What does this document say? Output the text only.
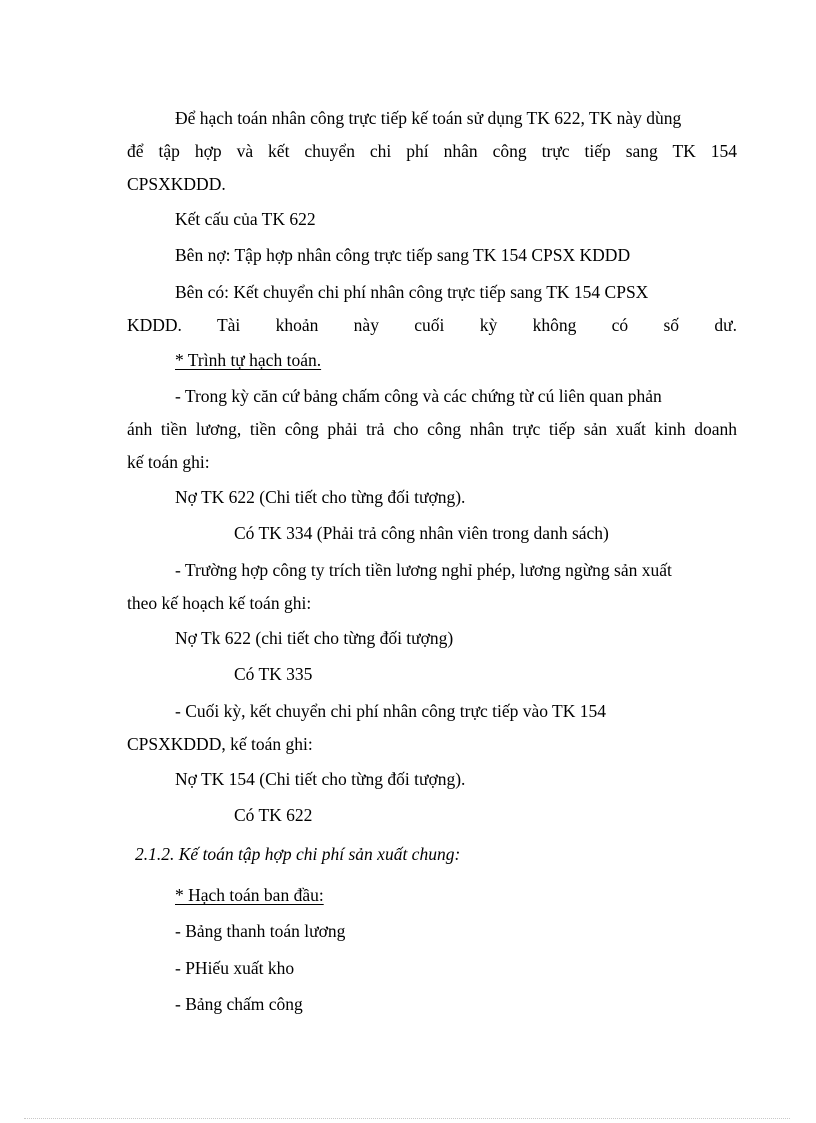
Để hạch toán nhân công trực tiếp kế toán sử dụng TK 622, TK này dùng
để tập hợp và kết chuyển chi phí nhân công trực tiếp sang TK 154
CPSXKDDD.
Kết cấu của TK 622
Bên nợ: Tập hợp nhân công trực tiếp sang TK 154 CPSX KDDD
Bên có: Kết chuyển chi phí nhân công trực tiếp sang TK 154 CPSX
KDDD. Tài khoản này cuối kỳ không có số dư.
* Trình tự hạch toán.
- Trong kỳ căn cứ bảng chấm công và các chứng từ cú liên quan phản
ánh tiền lương, tiền công phải trả cho công nhân trực tiếp sản xuất kinh doanh
kế toán ghi:
Nợ TK 622 (Chi tiết cho từng đối tượng).
Có TK 334 (Phải trả công nhân viên trong danh sách)
- Trường hợp công ty trích tiền lương nghỉ phép, lương ngừng sản xuất
theo kế hoạch kế toán ghi:
Nợ Tk 622 (chi tiết cho từng đối tượng)
Có TK 335
- Cuối kỳ, kết chuyển chi phí nhân công trực tiếp vào TK 154
CPSXKDDD, kế toán ghi:
Nợ TK 154 (Chi tiết cho từng đối tượng).
Có TK 622
2.1.2. Kế toán tập hợp chi phí sản xuất chung:
* Hạch toán ban đầu:
- Bảng thanh toán lương
- PHiếu xuất kho
- Bảng chấm công
